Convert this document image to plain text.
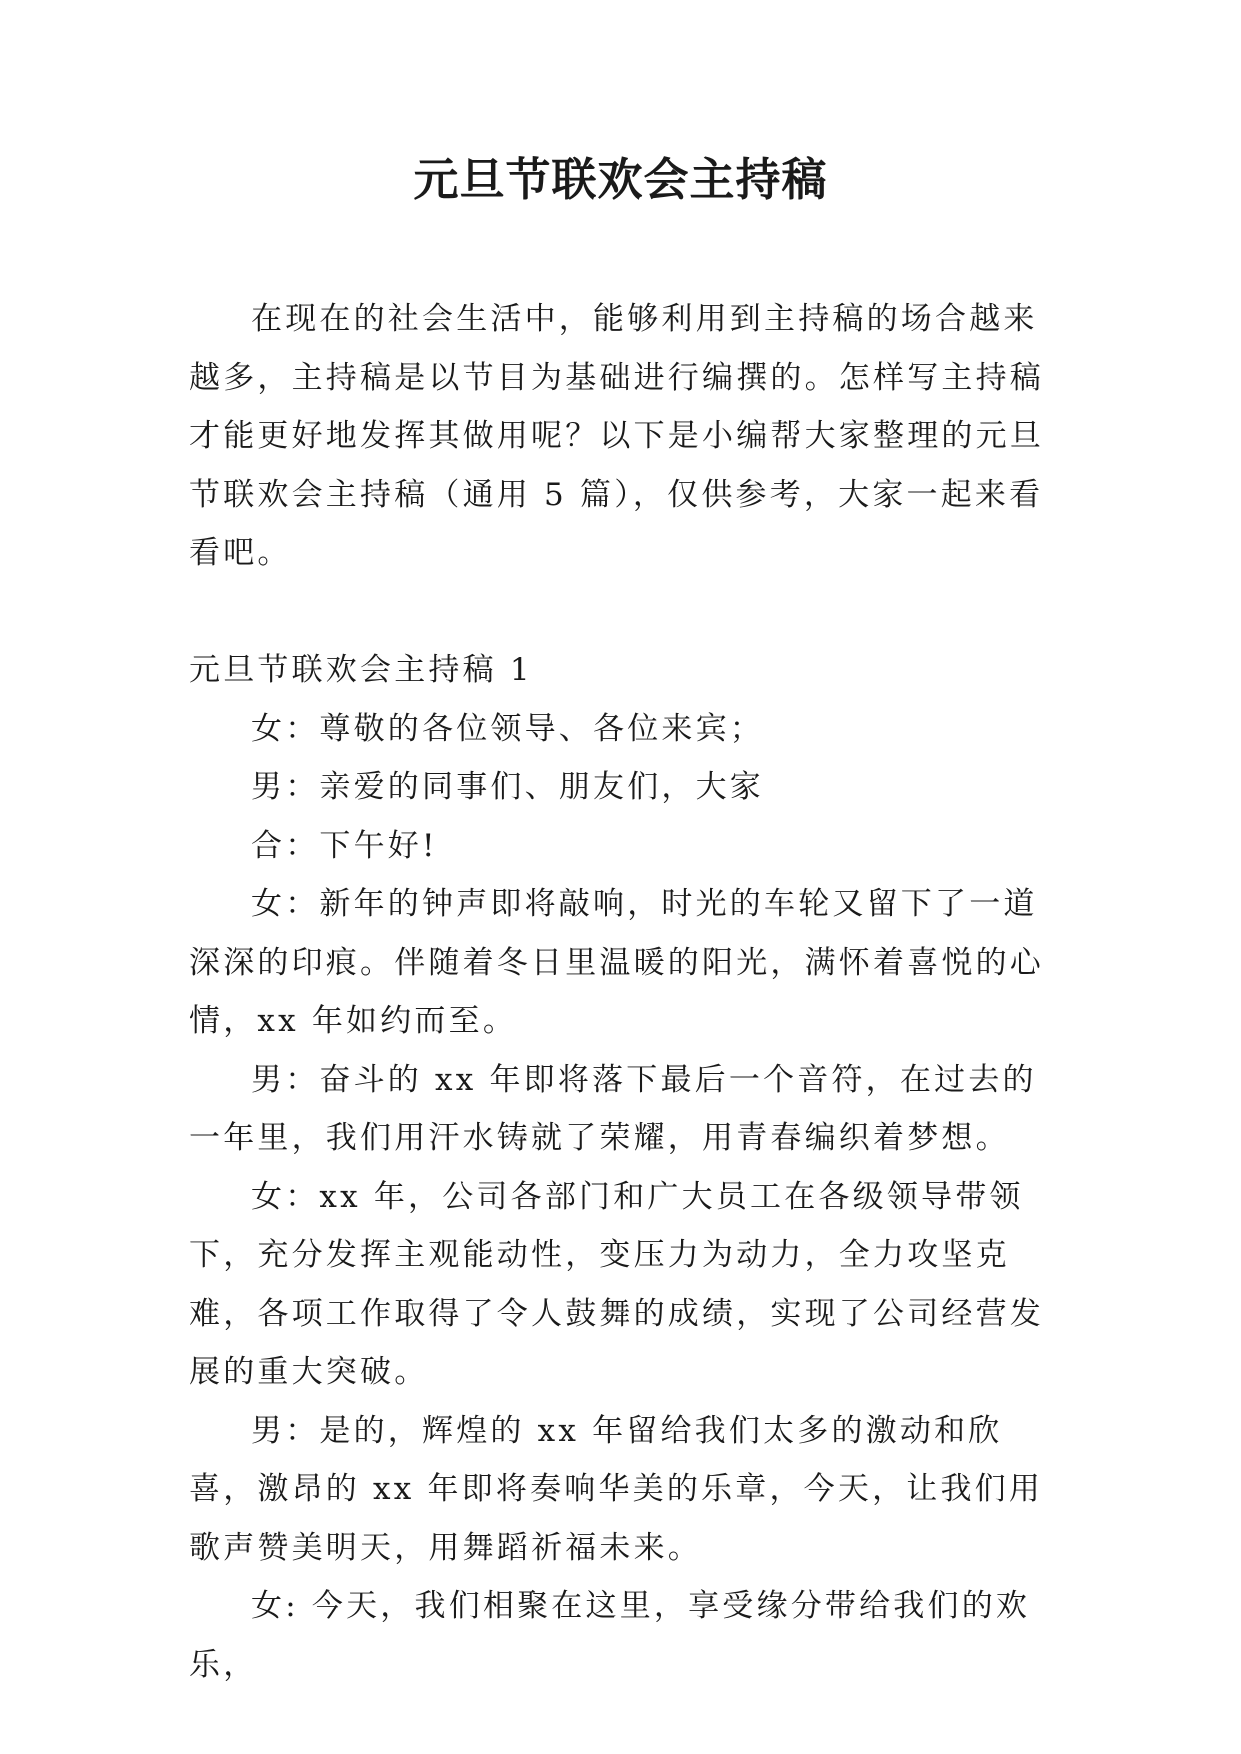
元旦节联欢会主持稿

在现在的社会生活中，能够利用到主持稿的场合越来越多，主持稿是以节目为基础进行编撰的。怎样写主持稿才能更好地发挥其做用呢？以下是小编帮大家整理的元旦节联欢会主持稿（通用 5 篇），仅供参考，大家一起来看看吧。

元旦节联欢会主持稿 1

女：尊敬的各位领导、各位来宾；

男：亲爱的同事们、朋友们，大家

合：下午好!

女：新年的钟声即将敲响，时光的车轮又留下了一道深深的印痕。伴随着冬日里温暖的阳光，满怀着喜悦的心情，xx 年如约而至。

男：奋斗的 xx 年即将落下最后一个音符，在过去的一年里，我们用汗水铸就了荣耀，用青春编织着梦想。

女：xx 年，公司各部门和广大员工在各级领导带领下，充分发挥主观能动性，变压力为动力，全力攻坚克难，各项工作取得了令人鼓舞的成绩，实现了公司经营发展的重大突破。

男：是的，辉煌的 xx 年留给我们太多的激动和欣喜，激昂的 xx 年即将奏响华美的乐章，今天，让我们用歌声赞美明天，用舞蹈祈福未来。

女: 今天，我们相聚在这里，享受缘分带给我们的欢乐，
